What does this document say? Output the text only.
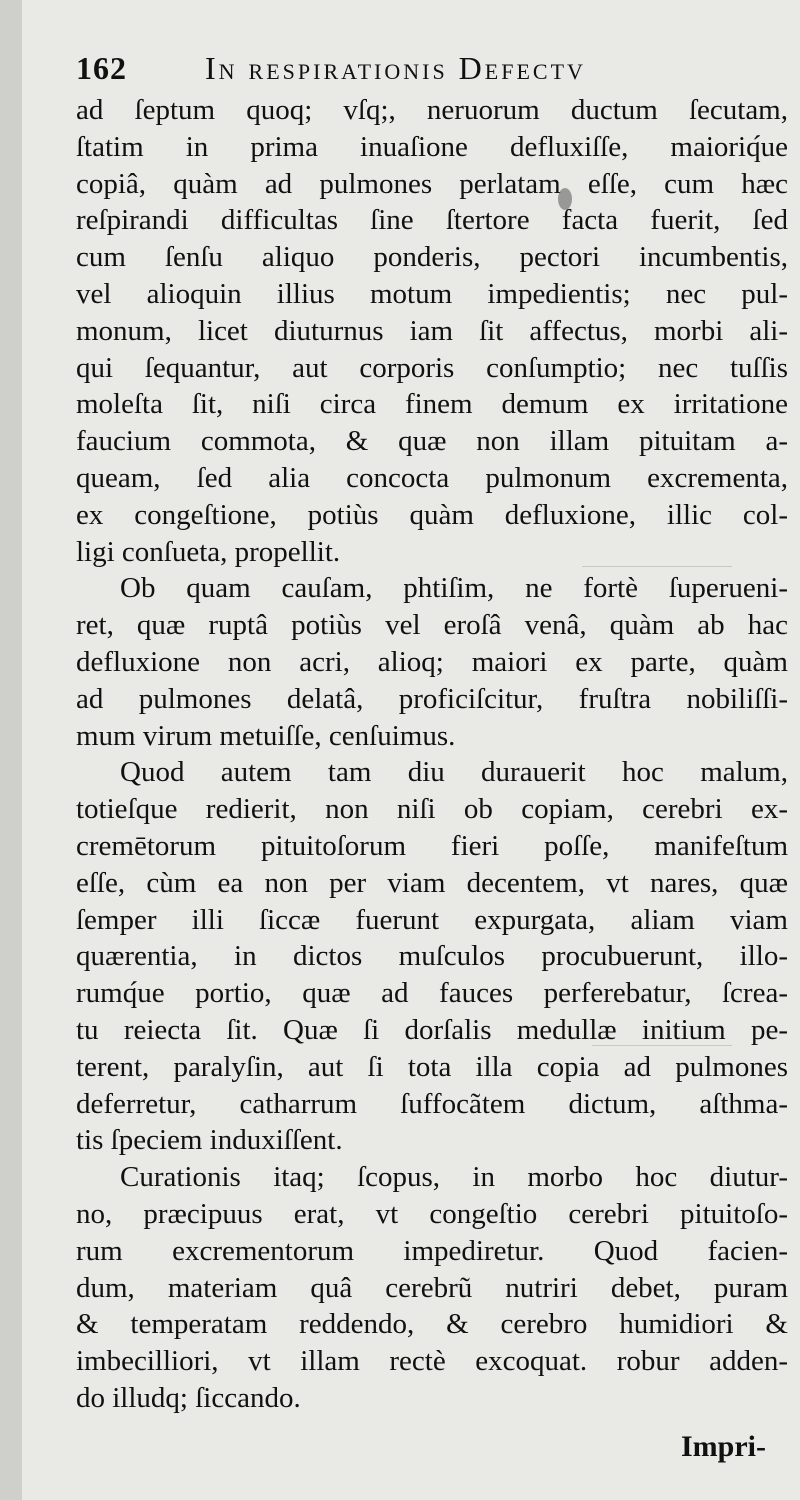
162 In respirationis Defectv
ad ſeptum quoq; vſq;, neruorum ductum ſecutam,
ſtatim in prima inuaſione defluxiſſe, maioriq́ue
copiâ, quàm ad pulmones perlatam eſſe, cum hæc
reſpirandi difficultas ſine ſtertore facta fuerit, ſed
cum ſenſu aliquo ponderis, pectori incumbentis,
vel alioquin illius motum impedientis; nec pul-
monum, licet diuturnus iam ſit affectus, morbi ali-
qui ſequantur, aut corporis conſumptio; nec tuſſis
moleſta ſit, niſi circa finem demum ex irritatione
faucium commota, & quæ non illam pituitam a-
queam, ſed alia concocta pulmonum excrementa,
ex congeſtione, potiùs quàm defluxione, illic col-
ligi conſueta, propellit.
Ob quam cauſam, phtiſim, ne fortè ſuperueni-
ret, quæ ruptâ potiùs vel eroſâ venâ, quàm ab hac
defluxione non acri, alioq; maiori ex parte, quàm
ad pulmones delatâ, proficiſcitur, fruſtra nobiliſſi-
mum virum metuiſſe, cenſuimus.
Quod autem tam diu durauerit hoc malum,
totieſque redierit, non niſi ob copiam, cerebri ex-
cremētorum pituitoſorum fieri poſſe, manifeſtum
eſſe, cùm ea non per viam decentem, vt nares, quæ
ſemper illi ſiccæ fuerunt expurgata, aliam viam
quærentia, in dictos muſculos procubuerunt, illo-
rumq́ue portio, quæ ad fauces perferebatur, ſcrea-
tu reiecta ſit. Quæ ſi dorſalis medullæ initium pe-
terent, paralyſin, aut ſi tota illa copia ad pulmones
deferretur, catharrum ſuffocãtem dictum, aſthma-
tis ſpeciem induxiſſent.
Curationis itaq; ſcopus, in morbo hoc diutur-
no, præcipuus erat, vt congeſtio cerebri pituitoſo-
rum excrementorum impediretur. Quod facien-
dum, materiam quâ cerebrũ nutriri debet, puram
& temperatam reddendo, & cerebro humidiori &
imbecilliori, vt illam rectè excoquat. robur adden-
do illudq; ſiccando.
Impri-
